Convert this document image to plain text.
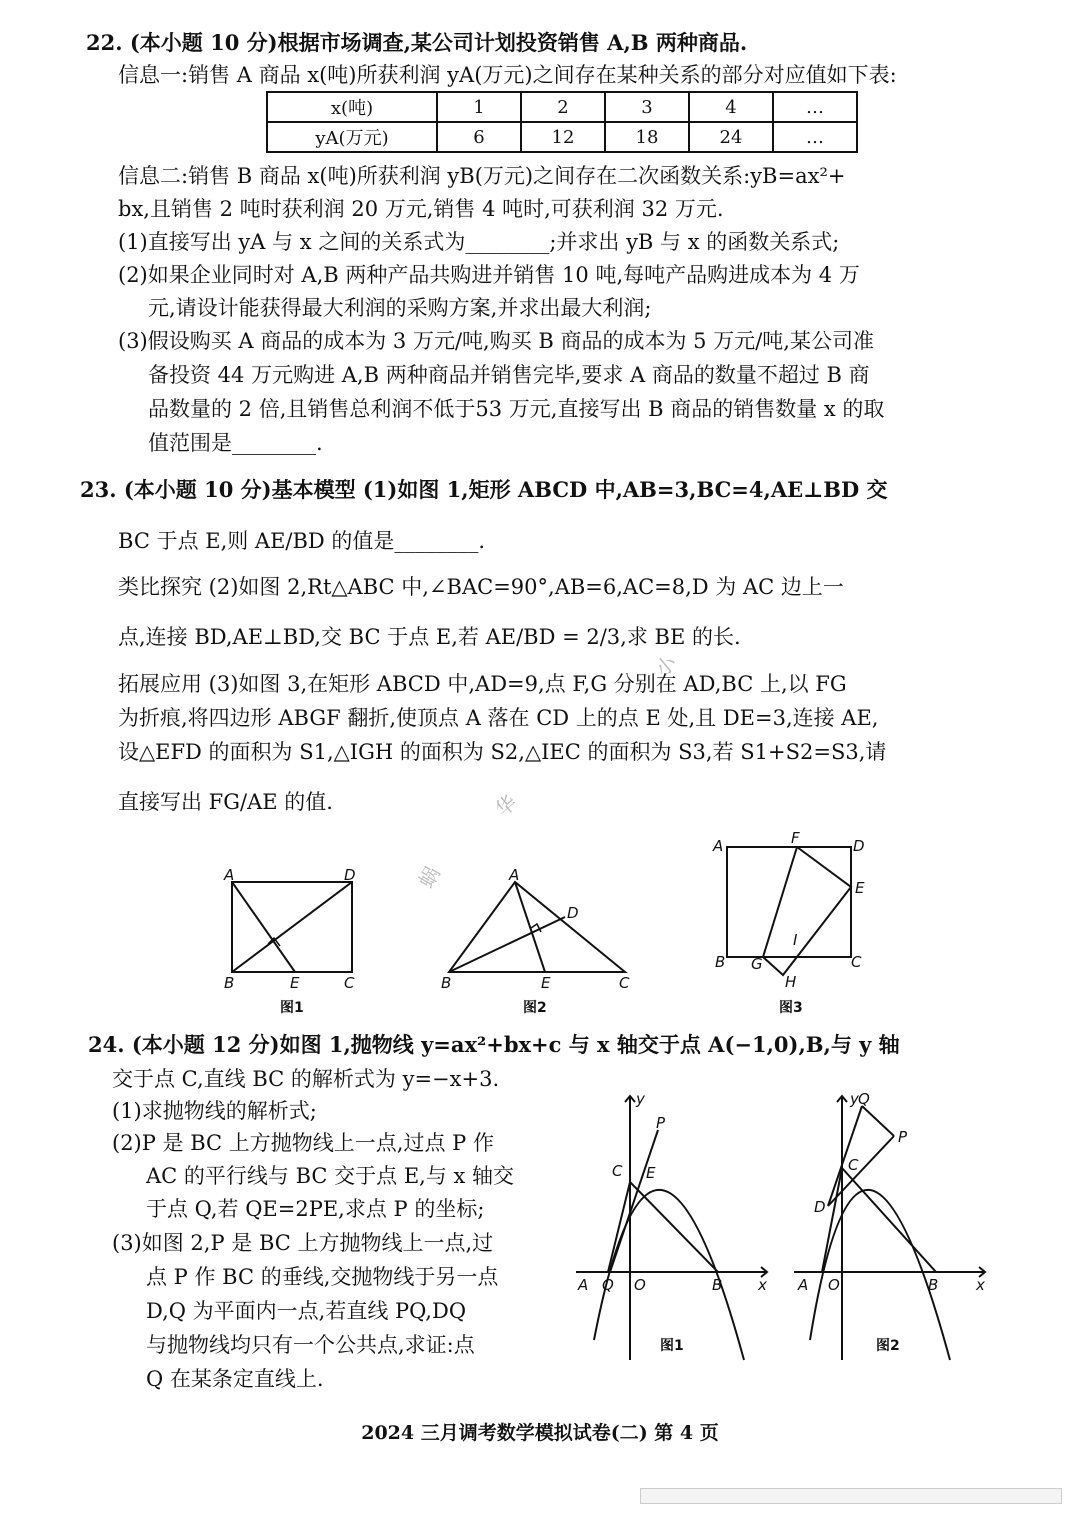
22. (本小题 10 分)根据市场调查,某公司计划投资销售 A,B 两种商品.
信息一:销售 A 商品 x(吨)所获利润 yA(万元)之间存在某种关系的部分对应值如下表:
x(吨)	1	2	3	4	…
yA(万元)	6	12	18	24	…
信息二:销售 B 商品 x(吨)所获利润 yB(万元)之间存在二次函数关系:yB=ax²+
bx,且销售 2 吨时获利润 20 万元,销售 4 吨时,可获利润 32 万元.
(1)直接写出 yA 与 x 之间的关系式为________;并求出 yB 与 x 的函数关系式;
(2)如果企业同时对 A,B 两种产品共购进并销售 10 吨,每吨产品购进成本为 4 万
元,请设计能获得最大利润的采购方案,并求出最大利润;
(3)假设购买 A 商品的成本为 3 万元/吨,购买 B 商品的成本为 5 万元/吨,某公司准
备投资 44 万元购进 A,B 两种商品并销售完毕,要求 A 商品的数量不超过 B 商
品数量的 2 倍,且销售总利润不低于53 万元,直接写出 B 商品的销售数量 x 的取
值范围是________.
23. (本小题 10 分)基本模型 (1)如图 1,矩形 ABCD 中,AB=3,BC=4,AE⊥BD 交
BC 于点 E,则 AE/BD 的值是________.
类比探究 (2)如图 2,Rt△ABC 中,∠BAC=90°,AB=6,AC=8,D 为 AC 边上一
点,连接 BD,AE⊥BD,交 BC 于点 E,若 AE/BD = 2/3,求 BE 的长.
拓展应用 (3)如图 3,在矩形 ABCD 中,AD=9,点 F,G 分别在 AD,BC 上,以 FG
为折痕,将四边形 ABGF 翻折,使顶点 A 落在 CD 上的点 E 处,且 DE=3,连接 AE,
设△EFD 的面积为 S1,△IGH 的面积为 S2,△IEC 的面积为 S3,若 S1+S2=S3,请
直接写出 FG/AE 的值.
小
华
蜗
A	D
B	E	C
图1
A
D
B	E	C
图2
A	F	D
E
I
B G
H
C
图3
24. (本小题 12 分)如图 1,抛物线 y=ax²+bx+c 与 x 轴交于点 A(−1,0),B,与 y 轴
交于点 C,直线 BC 的解析式为 y=−x+3.
(1)求抛物线的解析式;
(2)P 是 BC 上方抛物线上一点,过点 P 作
AC 的平行线与 BC 交于点 E,与 x 轴交
于点 Q,若 QE=2PE,求点 P 的坐标;
(3)如图 2,P 是 BC 上方抛物线上一点,过
点 P 作 BC 的垂线,交抛物线于另一点
D,Q 为平面内一点,若直线 PQ,DQ
与抛物线均只有一个公共点,求证:点
Q 在某条定直线上.
y
P
C E
A Q O	B x
图1
y Q
P
C
D
A O	B	x
图2
2024 三月调考数学模拟试卷(二) 第 4 页
